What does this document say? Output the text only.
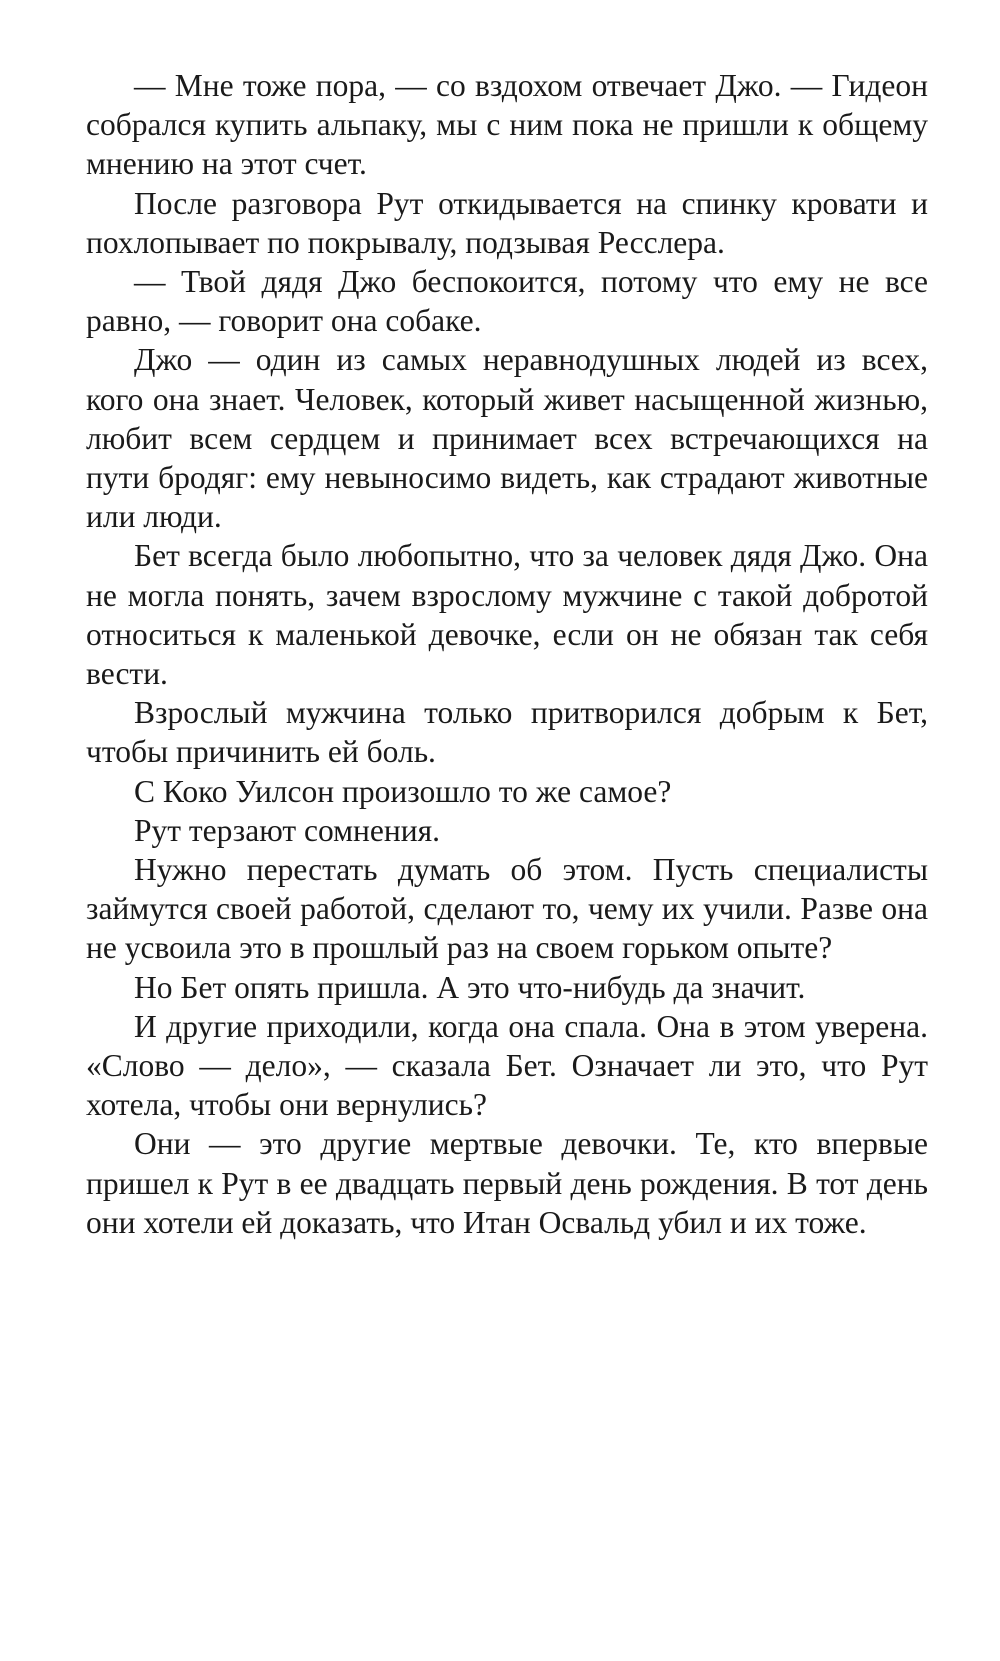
— Мне тоже пора, — со вздохом отвечает Джо. — Гидеон собрался купить альпаку, мы с ним пока не пришли к общему мнению на этот счет.

После разговора Рут откидывается на спинку кровати и похлопывает по покрывалу, подзывая Ресслера.

— Твой дядя Джо беспокоится, потому что ему не все равно, — говорит она собаке.

Джо — один из самых неравнодушных людей из всех, кого она знает. Человек, который живет насыщенной жизнью, любит всем сердцем и принимает всех встречающихся на пути бродяг: ему невыносимо видеть, как страдают животные или люди.

Бет всегда было любопытно, что за человек дядя Джо. Она не могла понять, зачем взрослому мужчине с такой добротой относиться к маленькой девочке, если он не обязан так себя вести.

Взрослый мужчина только притворился добрым к Бет, чтобы причинить ей боль.

С Коко Уилсон произошло то же самое?

Рут терзают сомнения.

Нужно перестать думать об этом. Пусть специалисты займутся своей работой, сделают то, чему их учили. Разве она не усвоила это в прошлый раз на своем горьком опыте?

Но Бет опять пришла. А это что-нибудь да значит.

И другие приходили, когда она спала. Она в этом уверена. «Слово — дело», — сказала Бет. Означает ли это, что Рут хотела, чтобы они вернулись?

Они — это другие мертвые девочки. Те, кто впервые пришел к Рут в ее двадцать первый день рождения. В тот день они хотели ей доказать, что Итан Освальд убил и их тоже.
